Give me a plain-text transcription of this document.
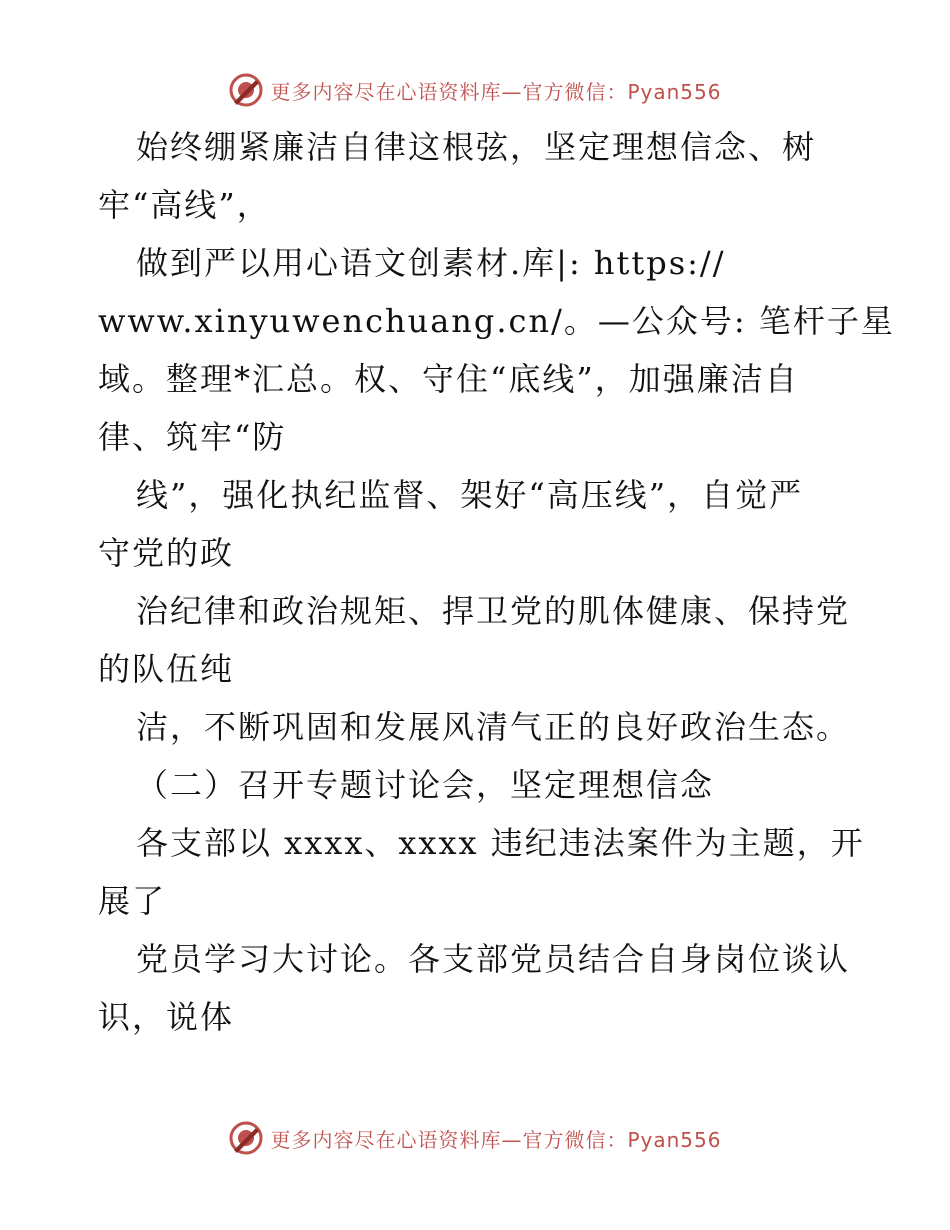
更多内容尽在心语资料库—官方微信：Pyan556
始终绷紧廉洁自律这根弦，坚定理想信念、树
牢“高线”，
做到严以用心语文创素材.库|: https://
www.xinyuwenchuang.cn/。—公众号: 笔杆子星
域。整理*汇总。权、守住“底线”，加强廉洁自
律、筑牢“防
线”，强化执纪监督、架好“高压线”，自觉严
守党的政
治纪律和政治规矩、捍卫党的肌体健康、保持党
的队伍纯
洁，不断巩固和发展风清气正的良好政治生态。
（二）召开专题讨论会，坚定理想信念
各支部以 xxxx、xxxx 违纪违法案件为主题，开
展了
党员学习大讨论。各支部党员结合自身岗位谈认
识，说体
更多内容尽在心语资料库—官方微信：Pyan556
